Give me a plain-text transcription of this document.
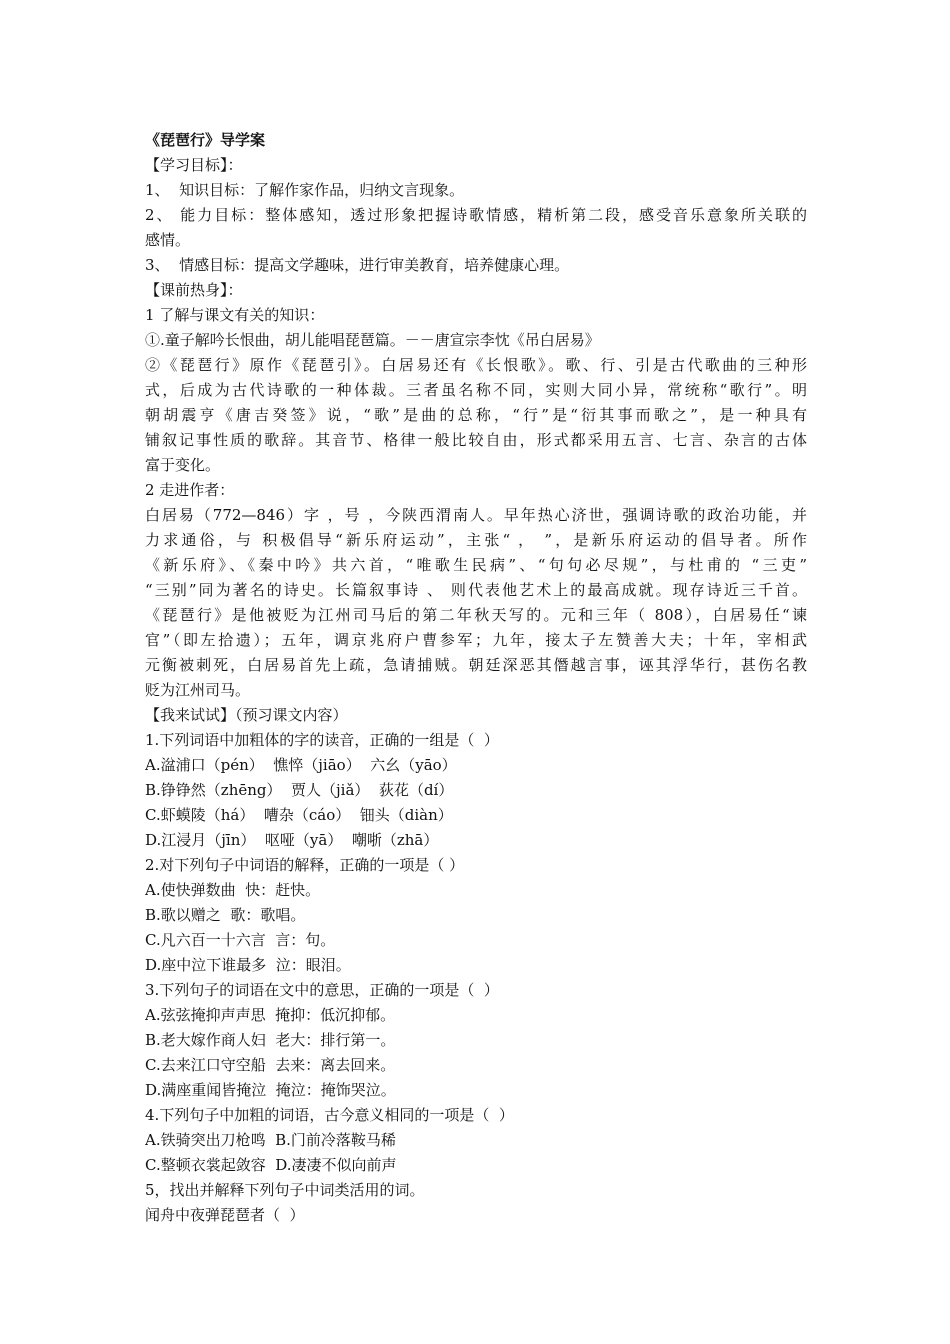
《琵琶行》导学案
【学习目标】：
1、  知识目标：了解作家作品，归纳文言现象。
2、 能力目标：整体感知，透过形象把握诗歌情感，精析第二段，感受音乐意象所关联的
感情。
3、  情感目标：提高文学趣味，进行审美教育，培养健康心理。
【课前热身】：
1 了解与课文有关的知识：
①.童子解吟长恨曲，胡儿能唱琵琶篇。－－唐宣宗李忱《吊白居易》
②《琵琶行》原作《琵琶引》。白居易还有《长恨歌》。歌、行、引是古代歌曲的三种形
式，后成为古代诗歌的一种体裁。三者虽名称不同，实则大同小异，常统称“歌行”。明
朝胡震亨《唐吉癸签》说，“歌”是曲的总称，“行”是“衍其事而歌之”，是一种具有
铺叙记事性质的歌辞。其音节、格律一般比较自由，形式都采用五言、七言、杂言的古体
富于变化。
2 走进作者：
白居易（772—846）字 ，号 ，今陕西渭南人。早年热心济世，强调诗歌的政治功能，并
力求通俗，与 积极倡导“新乐府运动”，主张“ ， ”，是新乐府运动的倡导者。所作
《新乐府》、《秦中吟》共六首，“唯歌生民病”、“句句必尽规”，与杜甫的 “三吏”
“三别”同为著名的诗史。长篇叙事诗 、 则代表他艺术上的最高成就。现存诗近三千首。
《琵琶行》是他被贬为江州司马后的第二年秋天写的。元和三年（ 808），白居易任“谏
官”（即左拾遗）；五年，调京兆府户曹参军；九年，接太子左赞善大夫；十年，宰相武
元衡被刺死，白居易首先上疏，急请捕贼。朝廷深恶其僭越言事，诬其浮华行，甚伤名教
贬为江州司马。
【我来试试】（预习课文内容）
1.下列词语中加粗体的字的读音，正确的一组是（  ）
A.湓浦口（pén）  憔悴（jiāo）  六幺（yāo）
B.铮铮然（zhēng）  贾人（jiǎ）  荻花（dí）
C.虾蟆陵（há）  嘈杂（cáo）  钿头（diàn）
D.江浸月（jīn）  呕哑（yā）  嘲哳（zhā）
2.对下列句子中词语的解释，正确的一项是（ ）
A.使快弹数曲  快：赶快。
B.歌以赠之  歌：歌唱。
C.凡六百一十六言  言：句。
D.座中泣下谁最多  泣：眼泪。
3.下列句子的词语在文中的意思，正确的一项是（  ）
A.弦弦掩抑声声思  掩抑：低沉抑郁。
B.老大嫁作商人妇  老大：排行第一。
C.去来江口守空船  去来：离去回来。
D.满座重闻皆掩泣  掩泣：掩饰哭泣。
4.下列句子中加粗的词语，古今意义相同的一项是（  ）
A.铁骑突出刀枪鸣  B.门前冷落鞍马稀
C.整顿衣裳起敛容  D.凄凄不似向前声
5，找出并解释下列句子中词类活用的词。
闻舟中夜弹琵琶者（  ）
